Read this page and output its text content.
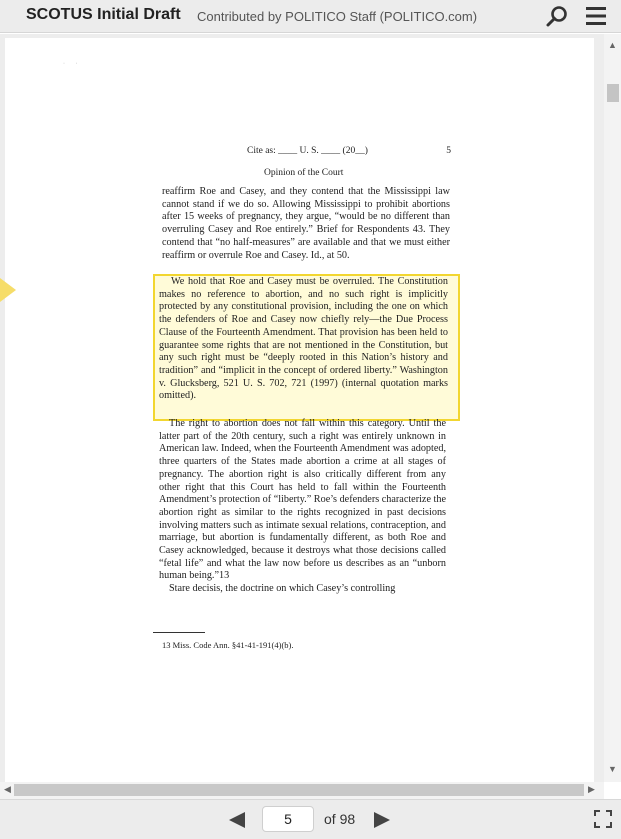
SCOTUS Initial Draft Contributed by POLITICO Staff (POLITICO.com)
·       ·
Cite as: ____ U. S. ____ (20__)	5
Opinion of the Court
reaffirm Roe and Casey, and they contend that the Mississippi law cannot stand if we do so. Allowing Mississippi to prohibit abortions after 15 weeks of pregnancy, they argue, “would be no different than overruling Casey and Roe entirely.” Brief for Respondents 43. They contend that “no half-measures” are available and that we must either reaffirm or overrule Roe and Casey. Id., at 50.
We hold that Roe and Casey must be overruled. The Constitution makes no reference to abortion, and no such right is implicitly protected by any constitutional provision, including the one on which the defenders of Roe and Casey now chiefly rely—the Due Process Clause of the Fourteenth Amendment. That provision has been held to guarantee some rights that are not mentioned in the Constitution, but any such right must be “deeply rooted in this Nation’s history and tradition” and “implicit in the concept of ordered liberty.” Washington v. Glucksberg, 521 U. S. 702, 721 (1997) (internal quotation marks omitted).
The right to abortion does not fall within this category. Until the latter part of the 20th century, such a right was entirely unknown in American law. Indeed, when the Fourteenth Amendment was adopted, three quarters of the States made abortion a crime at all stages of pregnancy. The abortion right is also critically different from any other right that this Court has held to fall within the Fourteenth Amendment’s protection of “liberty.” Roe’s defenders characterize the abortion right as similar to the rights recognized in past decisions involving matters such as intimate sexual relations, contraception, and marriage, but abortion is fundamentally different, as both Roe and Casey acknowledged, because it destroys what those decisions called “fetal life” and what the law now before us describes as an “unborn human being.”13
Stare decisis, the doctrine on which Casey’s controlling
13 Miss. Code Ann. §41-41-191(4)(b).
▲
▼
◀	▶
5	of 98
